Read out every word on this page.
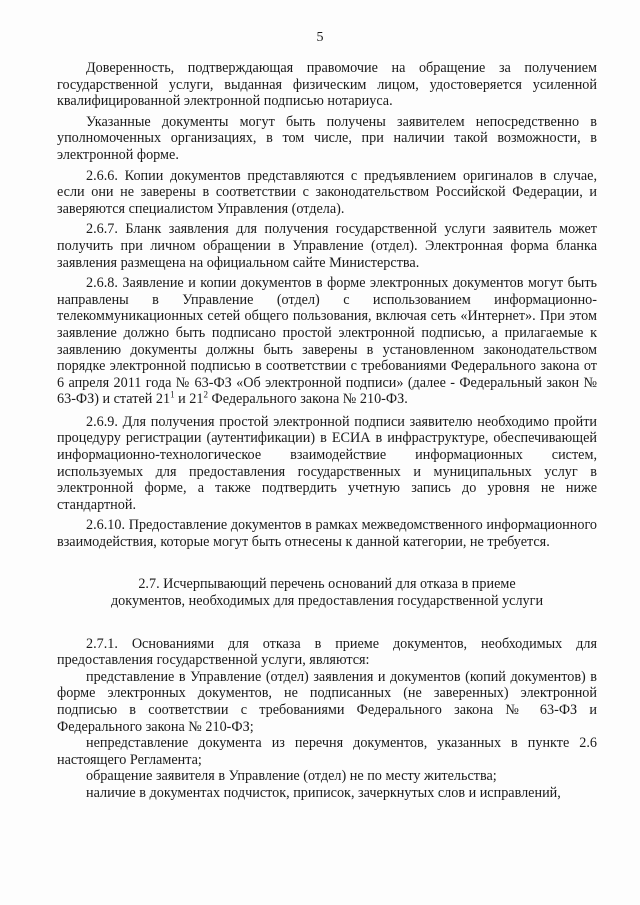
5

Доверенность, подтверждающая правомочие на обращение за получением государственной услуги, выданная физическим лицом, удостоверяется усиленной квалифицированной электронной подписью нотариуса.

Указанные документы могут быть получены заявителем непосредственно в уполномоченных организациях, в том числе, при наличии такой возможности, в электронной форме.

2.6.6. Копии документов представляются с предъявлением оригиналов в случае, если они не заверены в соответствии с законодательством Российской Федерации, и заверяются специалистом Управления (отдела).

2.6.7. Бланк заявления для получения государственной услуги заявитель может получить при личном обращении в Управление (отдел). Электронная форма бланка заявления размещена на официальном сайте Министерства.

2.6.8. Заявление и копии документов в форме электронных документов могут быть направлены в Управление (отдел) с использованием информационно-телекоммуникационных сетей общего пользования, включая сеть «Интернет». При этом заявление должно быть подписано простой электронной подписью, а прилагаемые к заявлению документы должны быть заверены в установленном законодательством порядке электронной подписью в соответствии с требованиями Федерального закона от 6 апреля 2011 года № 63-ФЗ «Об электронной подписи» (далее - Федеральный закон № 63-ФЗ) и статей $21^1$ и $21^2$ Федерального закона № 210-ФЗ.

2.6.9. Для получения простой электронной подписи заявителю необходимо пройти процедуру регистрации (аутентификации) в ЕСИА в инфраструктуре, обеспечивающей информационно-технологическое взаимодействие информационных систем, используемых для предоставления государственных и муниципальных услуг в электронной форме, а также подтвердить учетную запись до уровня не ниже стандартной.

2.6.10. Предоставление документов в рамках межведомственного информационного взаимодействия, которые могут быть отнесены к данной категории, не требуется.

2.7. Исчерпывающий перечень оснований для отказа в приеме документов, необходимых для предоставления государственной услуги

2.7.1. Основаниями для отказа в приеме документов, необходимых для предоставления государственной услуги, являются:

представление в Управление (отдел) заявления и документов (копий документов) в форме электронных документов, не подписанных (не заверенных) электронной подписью в соответствии с требованиями Федерального закона № 63-ФЗ и Федерального закона № 210-ФЗ;

непредставление документа из перечня документов, указанных в пункте 2.6 настоящего Регламента;

обращение заявителя в Управление (отдел) не по месту жительства;

наличие в документах подчисток, приписок, зачеркнутых слов и исправлений,
